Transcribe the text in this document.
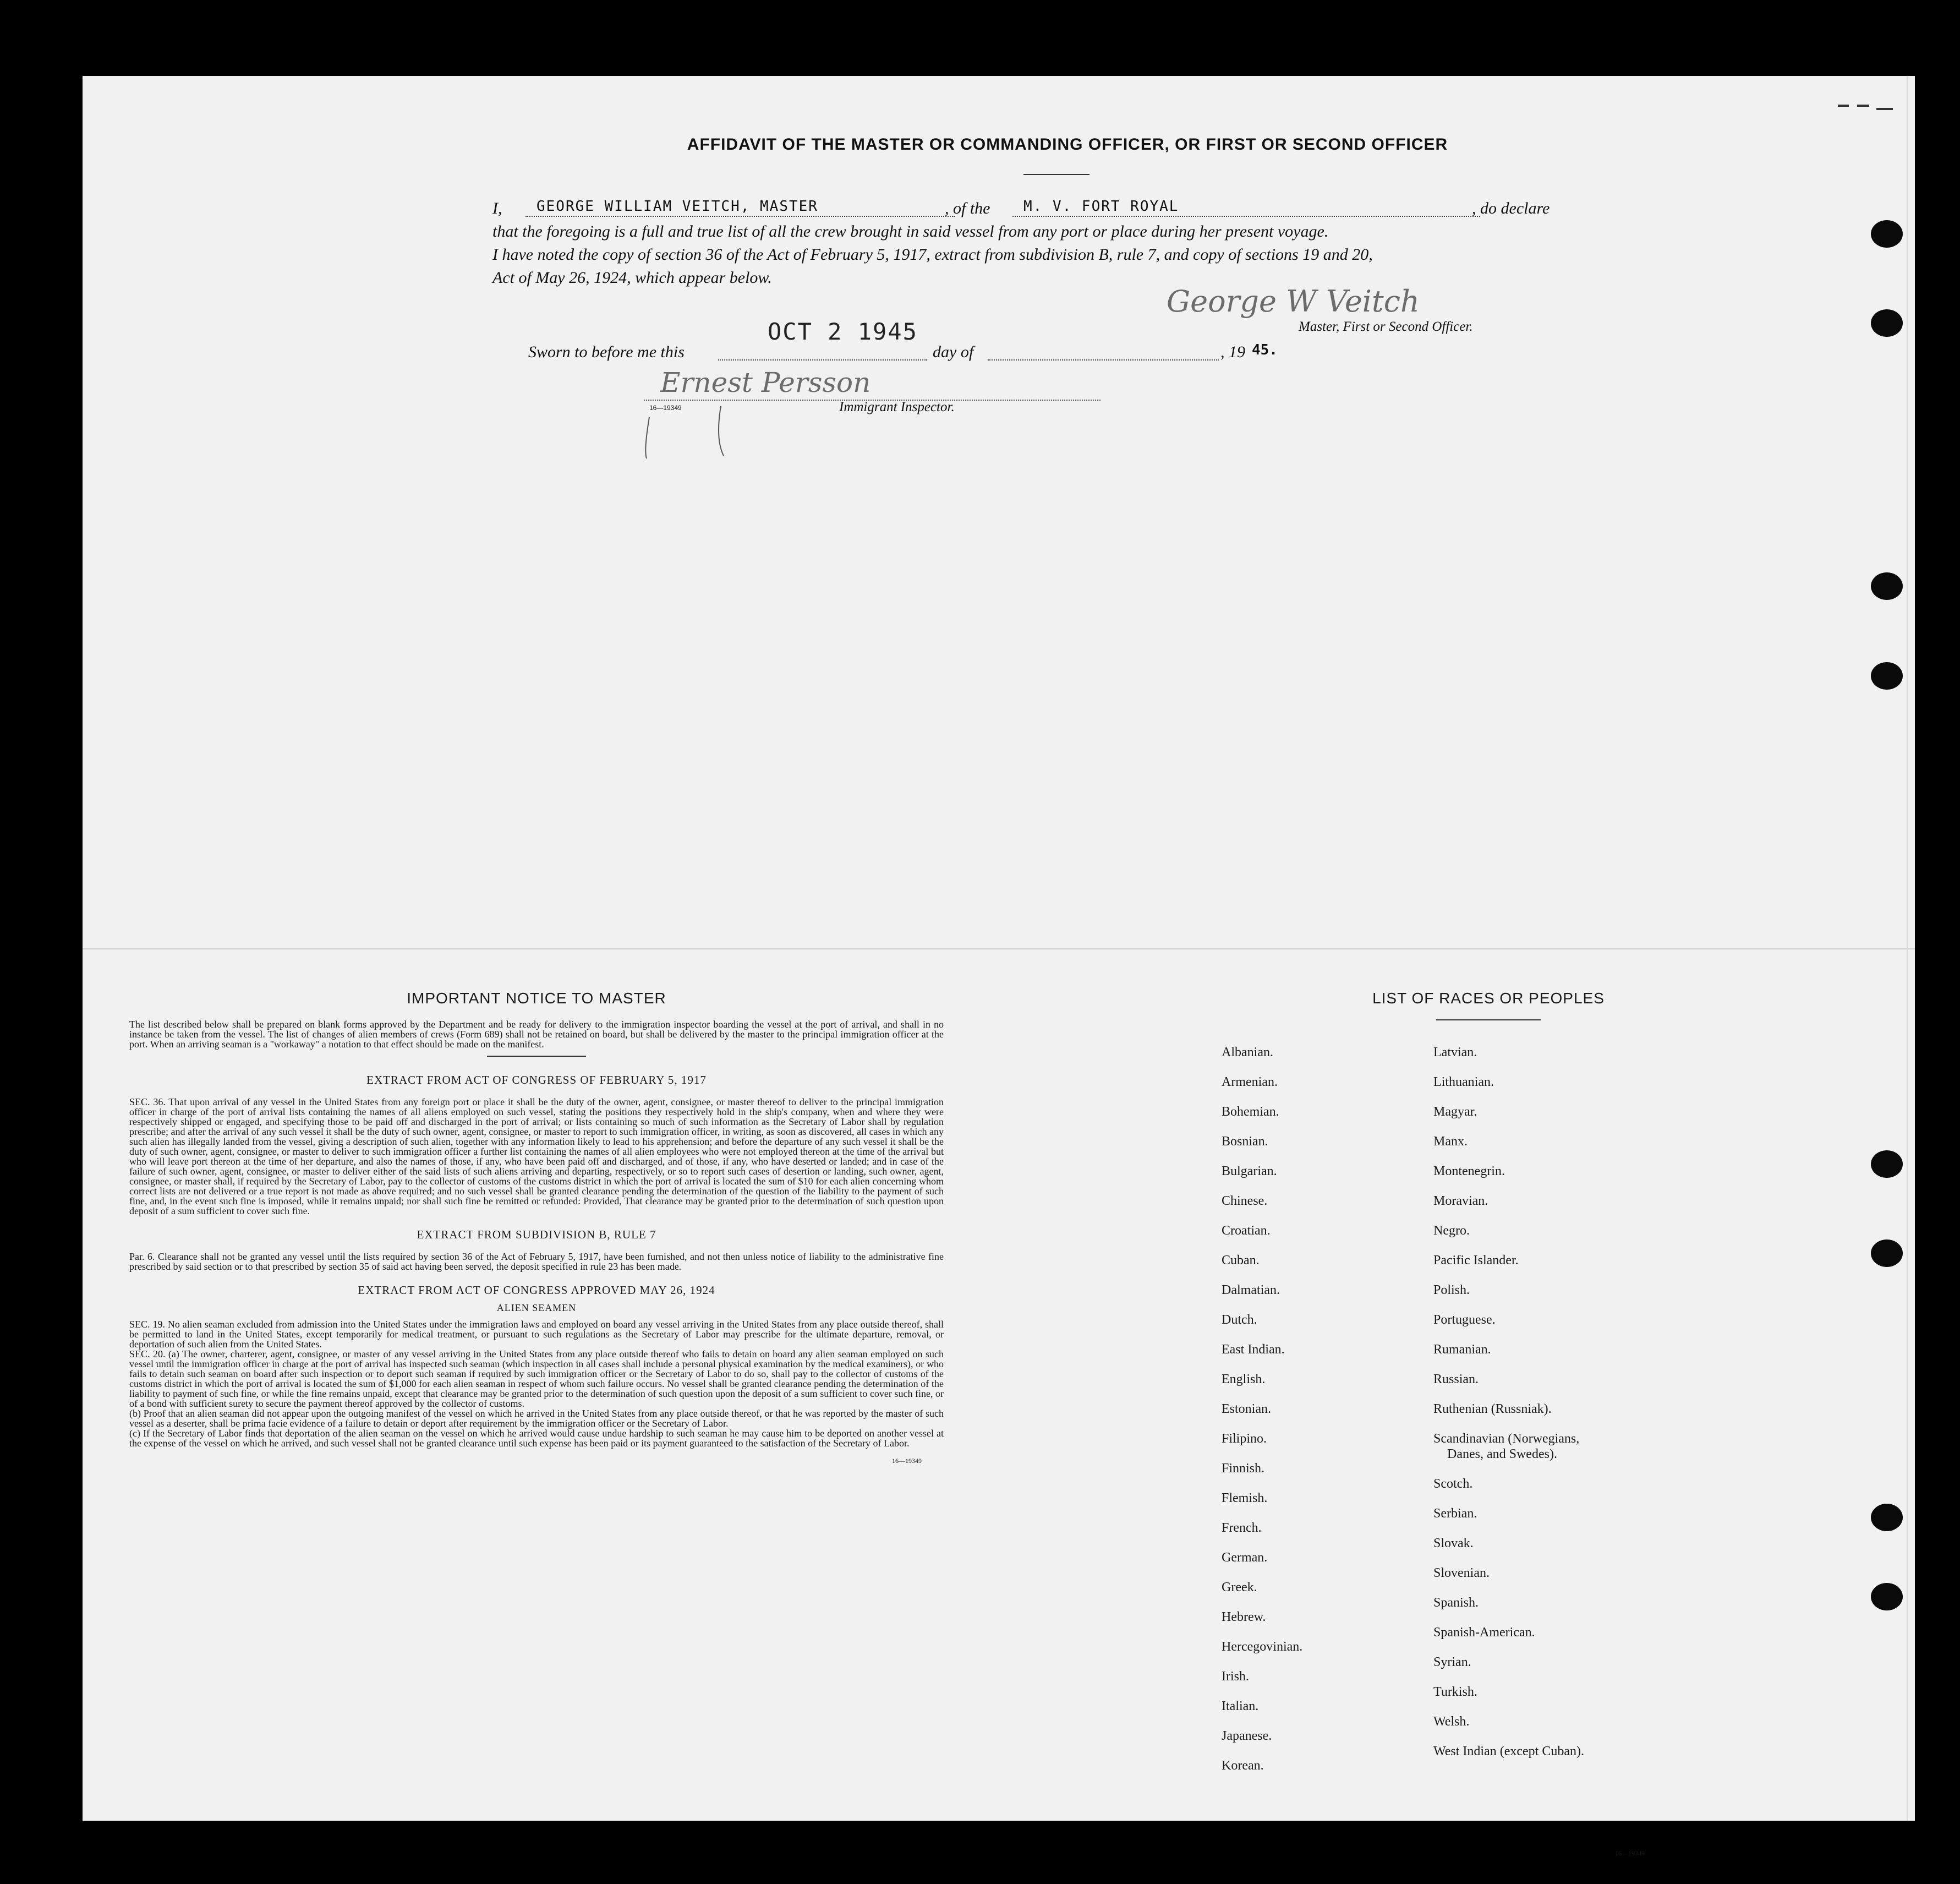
AFFIDAVIT OF THE MASTER OR COMMANDING OFFICER, OR FIRST OR SECOND OFFICER
I,	GEORGE WILLIAM VEITCH, MASTER	, of the	M. V. FORT ROYAL	, do declare
that the foregoing is a full and true list of all the crew brought in said vessel from any port or place during her present voyage.
I have noted the copy of section 36 of the Act of February 5, 1917, extract from subdivision B, rule 7, and copy of sections 19 and 20,
Act of May 26, 1924, which appear below.
George W Veitch
Master, First or Second Officer.
OCT 2 1945
Sworn to before me this	day of	, 19 45.
Ernest Persson
16—19349	Immigrant Inspector.
IMPORTANT NOTICE TO MASTER

The list described below shall be prepared on blank forms approved by the Department and be ready for delivery to the immigration inspector boarding the vessel at the port of arrival, and shall in no instance be taken from the vessel. The list of changes of alien members of crews (Form 689) shall not be retained on board, but shall be delivered by the master to the principal immigration officer at the port. When an arriving seaman is a "workaway" a notation to that effect should be made on the manifest.

EXTRACT FROM ACT OF CONGRESS OF FEBRUARY 5, 1917

SEC. 36. That upon arrival of any vessel in the United States from any foreign port or place it shall be the duty of the owner, agent, consignee, or master thereof to deliver to the principal immigration officer in charge of the port of arrival lists containing the names of all aliens employed on such vessel, stating the positions they respectively hold in the ship's company, when and where they were respectively shipped or engaged, and specifying those to be paid off and discharged in the port of arrival; or lists containing so much of such information as the Secretary of Labor shall by regulation prescribe; and after the arrival of any such vessel it shall be the duty of such owner, agent, consignee, or master to report to such immigration officer, in writing, as soon as discovered, all cases in which any such alien has illegally landed from the vessel, giving a description of such alien, together with any information likely to lead to his apprehension; and before the departure of any such vessel it shall be the duty of such owner, agent, consignee, or master to deliver to such immigration officer a further list containing the names of all alien employees who were not employed thereon at the time of the arrival but who will leave port thereon at the time of her departure, and also the names of those, if any, who have been paid off and discharged, and of those, if any, who have deserted or landed; and in case of the failure of such owner, agent, consignee, or master to deliver either of the said lists of such aliens arriving and departing, respectively, or so to report such cases of desertion or landing, such owner, agent, consignee, or master shall, if required by the Secretary of Labor, pay to the collector of customs of the customs district in which the port of arrival is located the sum of $10 for each alien concerning whom correct lists are not delivered or a true report is not made as above required; and no such vessel shall be granted clearance pending the determination of the question of the liability to the payment of such fine, and, in the event such fine is imposed, while it remains unpaid; nor shall such fine be remitted or refunded: Provided, That clearance may be granted prior to the determination of such question upon deposit of a sum sufficient to cover such fine.

EXTRACT FROM SUBDIVISION B, RULE 7

Par. 6. Clearance shall not be granted any vessel until the lists required by section 36 of the Act of February 5, 1917, have been furnished, and not then unless notice of liability to the administrative fine prescribed by said section or to that prescribed by section 35 of said act having been served, the deposit specified in rule 23 has been made.

EXTRACT FROM ACT OF CONGRESS APPROVED MAY 26, 1924
ALIEN SEAMEN

SEC. 19. No alien seaman excluded from admission into the United States under the immigration laws and employed on board any vessel arriving in the United States from any place outside thereof, shall be permitted to land in the United States, except temporarily for medical treatment, or pursuant to such regulations as the Secretary of Labor may prescribe for the ultimate departure, removal, or deportation of such alien from the United States.

SEC. 20. (a) The owner, charterer, agent, consignee, or master of any vessel arriving in the United States from any place outside thereof who fails to detain on board any alien seaman employed on such vessel until the immigration officer in charge at the port of arrival has inspected such seaman (which inspection in all cases shall include a personal physical examination by the medical examiners), or who fails to detain such seaman on board after such inspection or to deport such seaman if required by such immigration officer or the Secretary of Labor to do so, shall pay to the collector of customs of the customs district in which the port of arrival is located the sum of $1,000 for each alien seaman in respect of whom such failure occurs. No vessel shall be granted clearance pending the determination of the liability to payment of such fine, or while the fine remains unpaid, except that clearance may be granted prior to the determination of such question upon the deposit of a sum sufficient to cover such fine, or of a bond with sufficient surety to secure the payment thereof approved by the collector of customs.

(b) Proof that an alien seaman did not appear upon the outgoing manifest of the vessel on which he arrived in the United States from any place outside thereof, or that he was reported by the master of such vessel as a deserter, shall be prima facie evidence of a failure to detain or deport after requirement by the immigration officer or the Secretary of Labor.

(c) If the Secretary of Labor finds that deportation of the alien seaman on the vessel on which he arrived would cause undue hardship to such seaman he may cause him to be deported on another vessel at the expense of the vessel on which he arrived, and such vessel shall not be granted clearance until such expense has been paid or its payment guaranteed to the satisfaction of the Secretary of Labor.

16—19349
LIST OF RACES OR PEOPLES
Albanian.
Armenian.
Bohemian.
Bosnian.
Bulgarian.
Chinese.
Croatian.
Cuban.
Dalmatian.
Dutch.
East Indian.
English.
Estonian.
Filipino.
Finnish.
Flemish.
French.
German.
Greek.
Hebrew.
Hercegovinian.
Irish.
Italian.
Japanese.
Korean.
Latvian.
Lithuanian.
Magyar.
Manx.
Montenegrin.
Moravian.
Negro.
Pacific Islander.
Polish.
Portuguese.
Rumanian.
Russian.
Ruthenian (Russniak).
Scandinavian (Norwegians,
Danes, and Swedes).
Scotch.
Serbian.
Slovak.
Slovenian.
Spanish.
Spanish-American.
Syrian.
Turkish.
Welsh.
West Indian (except Cuban).
16—19349
